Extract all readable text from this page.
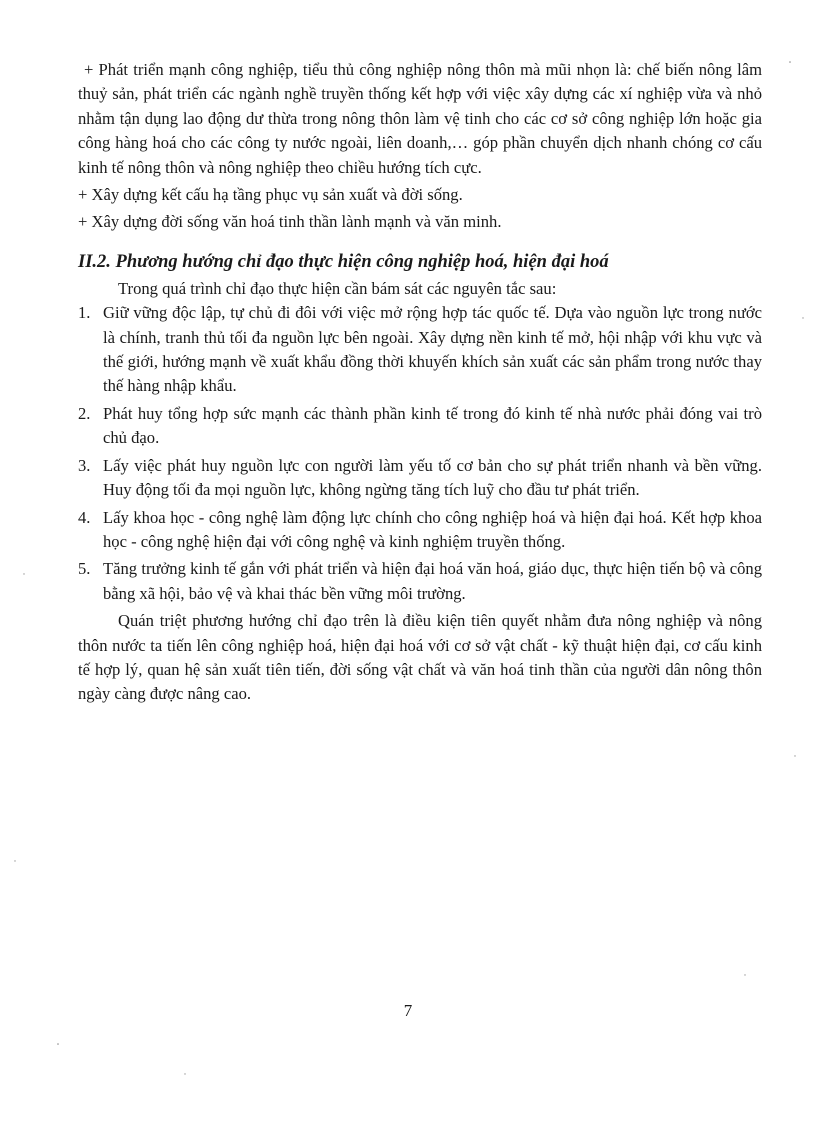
+ Phát triển mạnh công nghiệp, tiểu thủ công nghiệp nông thôn mà mũi nhọn là: chế biến nông lâm thuỷ sản, phát triển các ngành nghề truyền thống kết hợp với việc xây dựng các xí nghiệp vừa và nhỏ nhằm tận dụng lao động dư thừa trong nông thôn làm vệ tinh cho các cơ sở công nghiệp lớn hoặc gia công hàng hoá cho các công ty nước ngoài, liên doanh,… góp phần chuyển dịch nhanh chóng cơ cấu kinh tế nông thôn và nông nghiệp theo chiều hướng tích cực.

+ Xây dựng kết cấu hạ tầng phục vụ sản xuất và đời sống.

+ Xây dựng đời sống văn hoá tinh thần lành mạnh và văn minh.

II.2. Phương hướng chỉ đạo thực hiện công nghiệp hoá, hiện đại hoá

Trong quá trình chỉ đạo thực hiện cần bám sát các nguyên tắc sau:

1. Giữ vững độc lập, tự chủ đi đôi với việc mở rộng hợp tác quốc tế. Dựa vào nguồn lực trong nước là chính, tranh thủ tối đa nguồn lực bên ngoài. Xây dựng nền kinh tế mở, hội nhập với khu vực và thế giới, hướng mạnh về xuất khẩu đồng thời khuyến khích sản xuất các sản phẩm trong nước thay thế hàng nhập khẩu.
2. Phát huy tổng hợp sức mạnh các thành phần kinh tế trong đó kinh tế nhà nước phải đóng vai trò chủ đạo.
3. Lấy việc phát huy nguồn lực con người làm yếu tố cơ bản cho sự phát triển nhanh và bền vững. Huy động tối đa mọi nguồn lực, không ngừng tăng tích luỹ cho đầu tư phát triển.
4. Lấy khoa học - công nghệ làm động lực chính cho công nghiệp hoá và hiện đại hoá. Kết hợp khoa học - công nghệ hiện đại với công nghệ và kinh nghiệm truyền thống.
5. Tăng trưởng kinh tế gắn với phát triển và hiện đại hoá văn hoá, giáo dục, thực hiện tiến bộ và công bằng xã hội, bảo vệ và khai thác bền vững môi trường.

Quán triệt phương hướng chỉ đạo trên là điều kiện tiên quyết nhằm đưa nông nghiệp và nông thôn nước ta tiến lên công nghiệp hoá, hiện đại hoá với cơ sở vật chất - kỹ thuật hiện đại, cơ cấu kinh tế hợp lý, quan hệ sản xuất tiên tiến, đời sống vật chất và văn hoá tinh thần của người dân nông thôn ngày càng được nâng cao.

7
